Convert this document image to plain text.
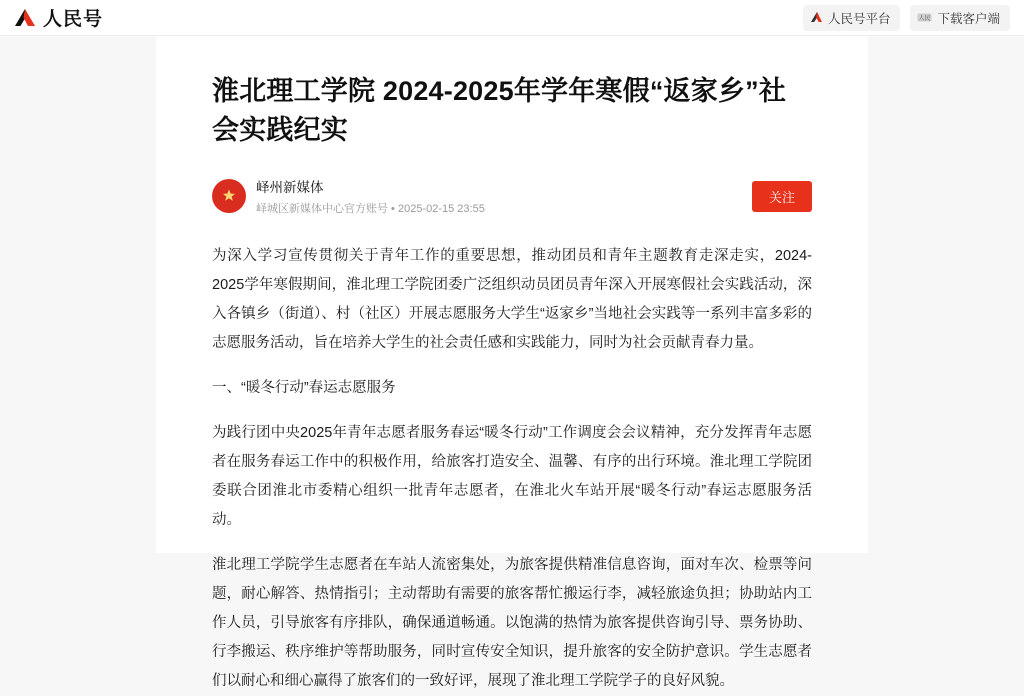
人民号	人民号平台	人民 下载客户端
淮北理工学院 2024-2025年学年寒假“返家乡”社会实践纪实
峄州新媒体
峄城区新媒体中心官方账号 • 2025-02-15 23:55
关注

为深入学习宣传贯彻关于青年工作的重要思想，推动团员和青年主题教育走深走实，2024-2025学年寒假期间，淮北理工学院团委广泛组织动员团员青年深入开展寒假社会实践活动，深入各镇乡（街道）、村（社区）开展志愿服务大学生“返家乡”当地社会实践等一系列丰富多彩的志愿服务活动，旨在培养大学生的社会责任感和实践能力，同时为社会贡献青春力量。

一、“暖冬行动”春运志愿服务

为践行团中央2025年青年志愿者服务春运“暖冬行动”工作调度会会议精神，充分发挥青年志愿者在服务春运工作中的积极作用，给旅客打造安全、温馨、有序的出行环境。淮北理工学院团委联合团淮北市委精心组织一批青年志愿者，在淮北火车站开展“暖冬行动”春运志愿服务活动。

淮北理工学院学生志愿者在车站人流密集处，为旅客提供精准信息咨询，面对车次、检票等问题，耐心解答、热情指引；主动帮助有需要的旅客帮忙搬运行李，减轻旅途负担；协助站内工作人员，引导旅客有序排队，确保通道畅通。以饱满的热情为旅客提供咨询引导、票务协助、行李搬运、秩序维护等帮助服务，同时宣传安全知识，提升旅客的安全防护意识。学生志愿者们以耐心和细心赢得了旅客们的一致好评，展现了淮北理工学院学子的良好风貌。
